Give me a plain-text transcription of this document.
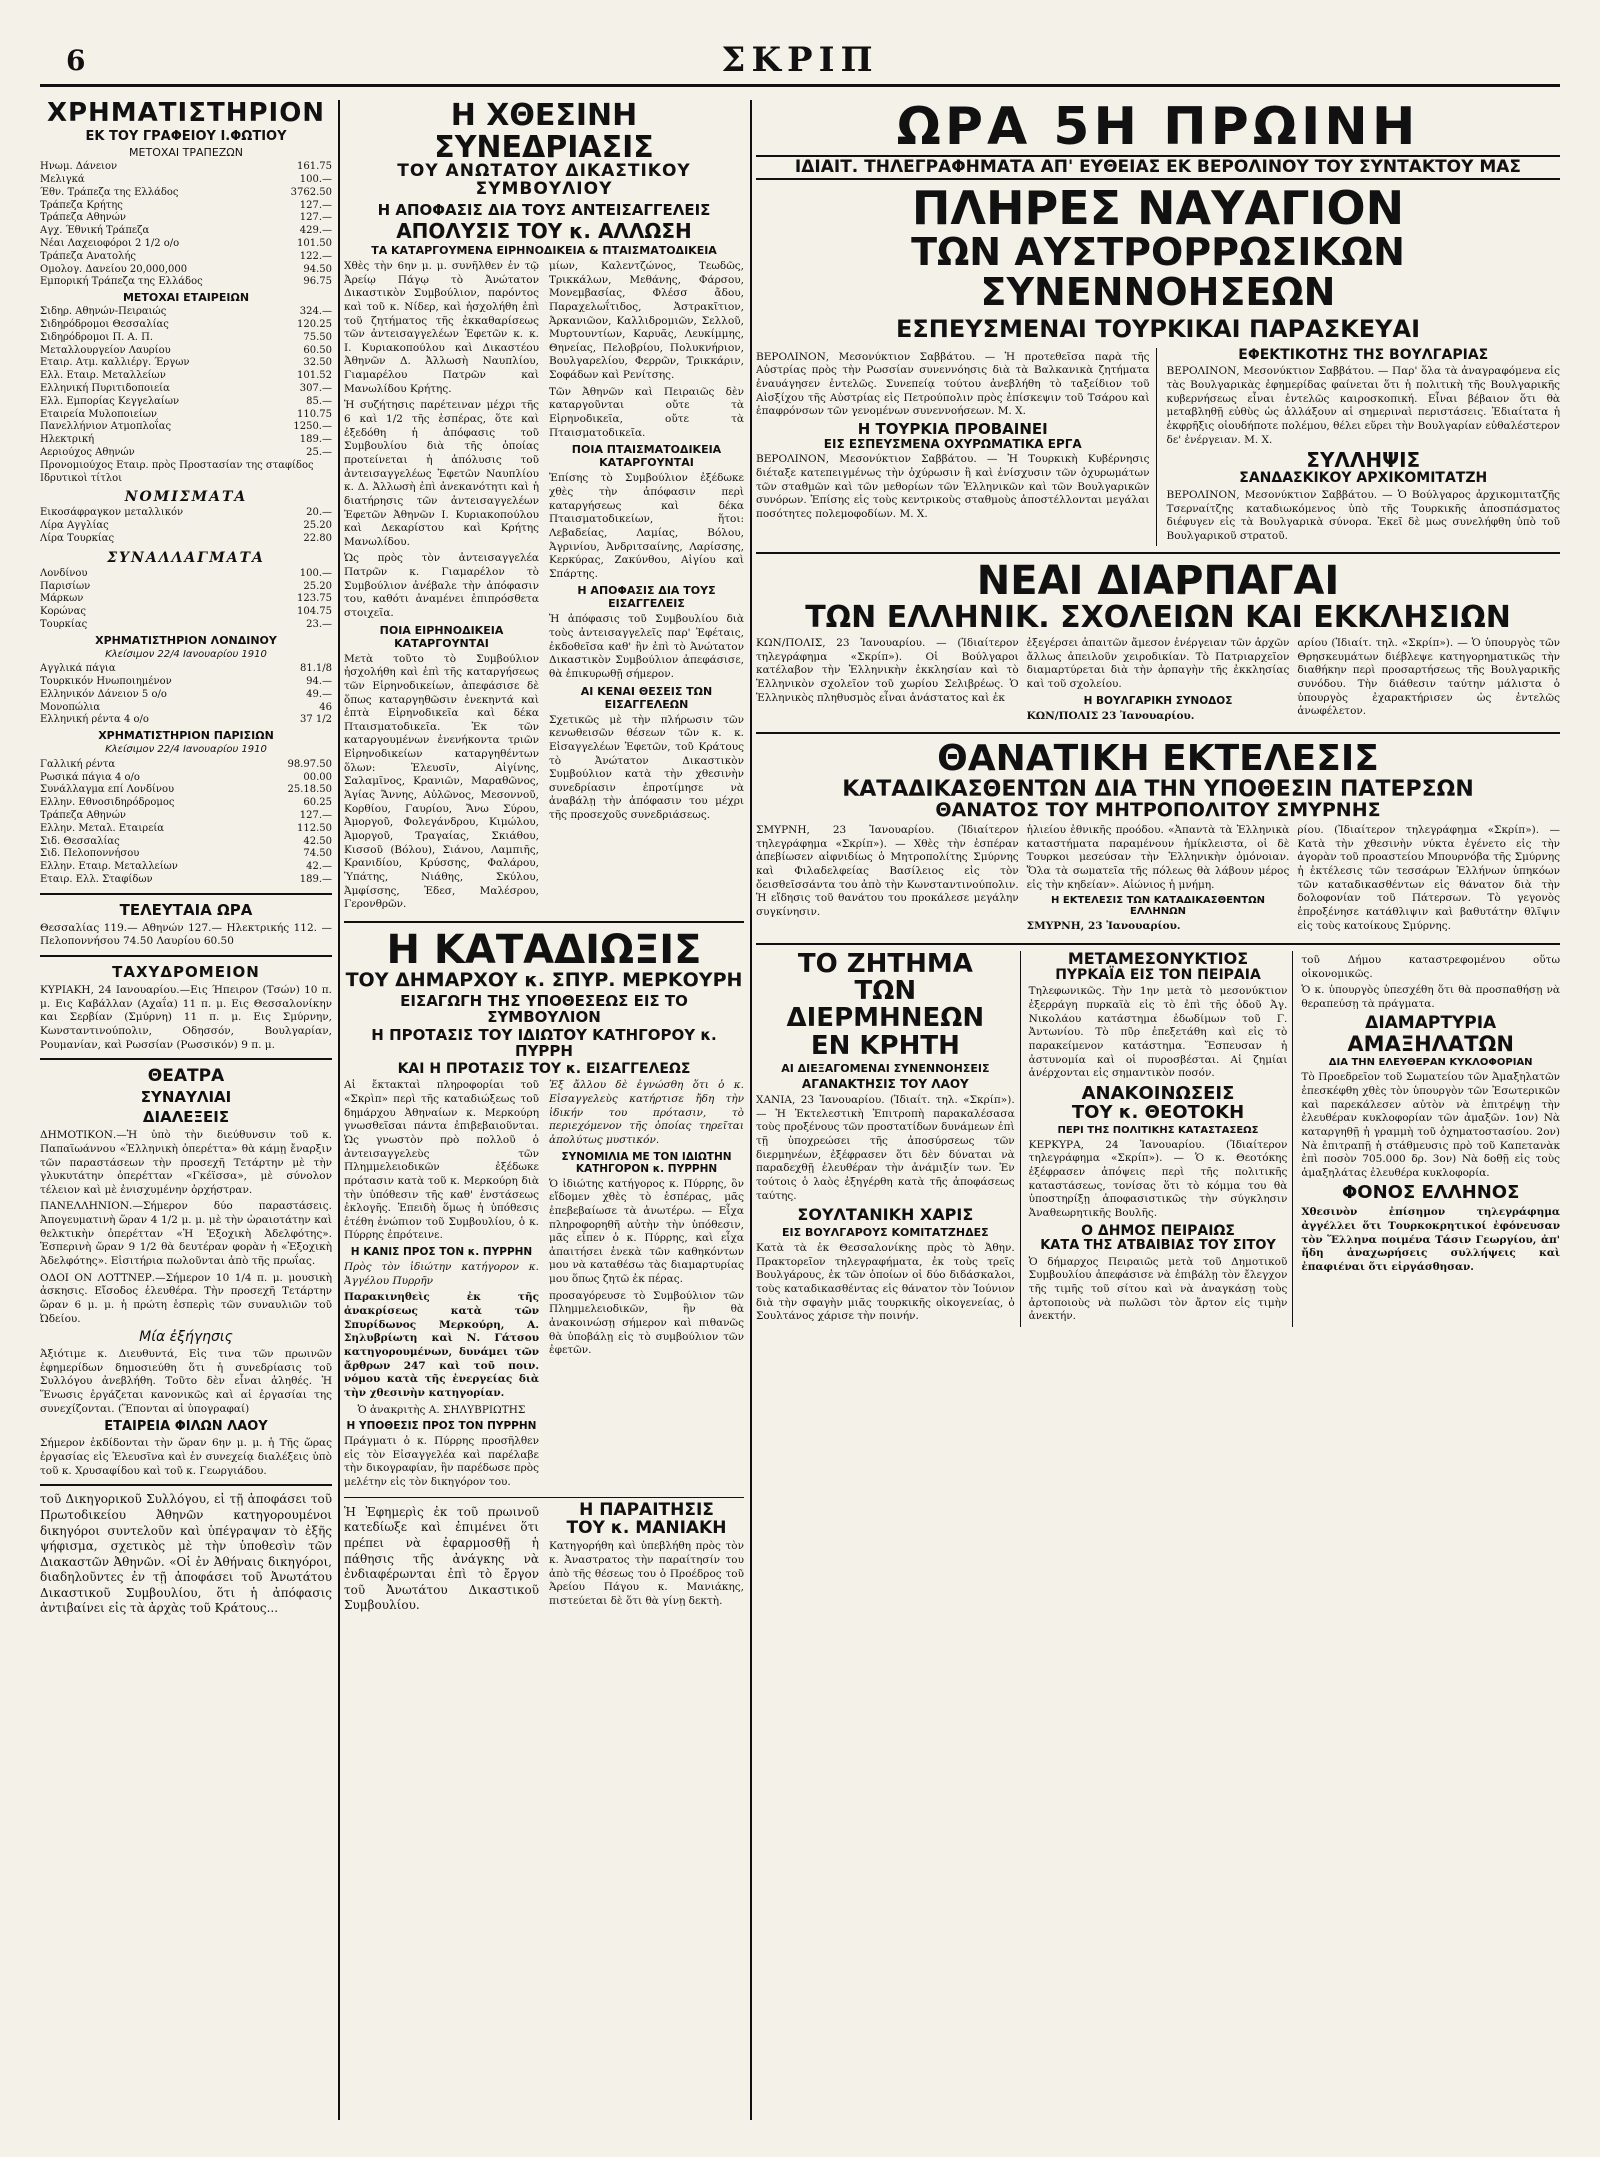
6	ΣΚΡΙΠ
ΧΡΗΜΑΤΙΣΤΗΡΙΟΝ
ΕΚ ΤΟΥ ΓΡΑΦΕΙΟΥ Ι.ΦΩΤΙΟΥ
ΜΕΤΟΧΑΙ ΤΡΑΠΕΖΩΝ
Ηνωμ. Δάνειον	161.75
Μελιγκά	100.—
Έθν. Τράπεζα της Ελλάδος	3762.50
Τράπεζα Κρήτης	127.—
Τράπεζα Αθηνών	127.—
Αγχ. Έθνική Τράπεζα	429.—
Νέαι Λαχειοφόροι 2 1/2 ο/ο	101.50
Τράπεζα Ανατολής	122.—
Ομολογ. Δανείου 20,000,000	94.50
Εμπορική Τράπεζα της Ελλάδος	96.75
ΜΕΤΟΧΑΙ ΕΤΑΙΡΕΙΩΝ
Σιδηρ. Αθηνών-Πειραιώς	324.—
Σιδηρόδρομοι Θεσσαλίας	120.25
Σιδηρόδρομοι Π. Α. Π.	75.50
Μεταλλουργείον Λαυρίου	60.50
Εταιρ. Ατμ. καλλιέργ. Έργων	32.50
Ελλ. Εταιρ. Μεταλλείων	101.52
Ελληνική Πυριτιδοποιεία	307.—
Ελλ. Εμπορίας Κεγγελαίων	85.—
Εταιρεία Μυλοποιείων	110.75
Πανελλήνιον Ατμοπλοΐας	1250.—
Ηλεκτρική	189.—
Αεριούχος Αθηνών	25.—
Προνομιούχος Εταιρ. πρὸς Προστασίαν της σταφίδος
Ιδρυτικοὶ τίτλοι
ΝΟΜΙΣΜΑΤΑ
Εικοσάφραγκον μεταλλικόν	20.—
Λίρα Αγγλίας	25.20
Λίρα Τουρκίας	22.80
ΣΥΝΑΛΛΑΓΜΑΤΑ
Λονδίνου	100.—
Παρισίων	25.20
Μάρκων	123.75
Κορώνας	104.75
Τουρκίας	23.—
ΧΡΗΜΑΤΙΣΤΗΡΙΟΝ ΛΟΝΔΙΝΟΥ
Κλείσιμον 22/4 Ιανουαρίου 1910
Αγγλικά πάγια	81.1/8
Τουρκικόν Ηνωποιημένον	94.—
Ελληνικόν Δάνειον 5 ο/ο	49.—
Μονοπώλια	46
Ελληνική ρέντα 4 ο/ο	37 1/2
ΧΡΗΜΑΤΙΣΤΗΡΙΟΝ ΠΑΡΙΣΙΩΝ
Κλείσιμον 22/4 Ιανουαρίου 1910
Γαλλική ρέντα	98.97.50
Ρωσικά πάγια 4 ο/ο	00.00
Συνάλλαγμα επί Λονδίνου	25.18.50
Ελλην. Εθνοσιδηρόδρομος	60.25
Τράπεζα Αθηνών	127.—
Ελλην. Μεταλ. Εταιρεία	112.50
Σιδ. Θεσσαλίας	42.50
Σιδ. Πελοποννήσου	74.50
Ελλην. Εταιρ. Μεταλλείων	42.—
Εταιρ. Ελλ. Σταφίδων	189.—
ΤΕΛΕΥΤΑΙΑ ΩΡΑ
Θεσσαλίας 119.— Αθηνών 127.— Ηλεκτρικής 112. —Πελοποννήσου 74.50 Λαυρίου 60.50
ΤΑΧΥΔΡΟΜΕΙΟΝ
ΚΥΡΙΑΚΗ, 24 Ιανουαρίου.—Εις Ήπειρον (Τσών) 10 π. μ. Εις Καβάλλαν (Αχαΐα) 11 π. μ. Εις Θεσσαλονίκην και Σερβίαν (Σμύρνη) 11 π. μ. Εις Σμύρνην, Κωνσταντινούπολιν, Οδησσόν, Βουλγαρίαν, Ρουμανίαν, καὶ Ρωσσίαν (Ρωσσικόν) 9 π. μ.
ΘΕΑΤΡΑ
ΣΥΝΑΥΛΙΑΙ
ΔΙΑΛΕΞΕΙΣ
ΔΗΜΟΤΙΚΟΝ.—Ἡ ὑπὸ τὴν διεύθυνσιν τοῦ κ. Παπαϊωάννου «Ἑλληνικὴ ὀπερέττα» θὰ κάμῃ ἔναρξιν τῶν παραστάσεων τὴν προσεχῆ Τετάρτην μὲ τὴν γλυκυτάτην ὀπερέτταν «Γκέϊσσα», μὲ σύνολον τέλειον καὶ μὲ ἐνισχυμένην ὀρχήστραν.
ΠΑΝΕΛΛΗΝΙΟΝ.—Σήμερον δύο παραστάσεις. Ἀπογευματινὴ ὥραν 4 1/2 μ. μ. μὲ τὴν ὡραιοτάτην καὶ θελκτικὴν ὀπερέτταν «Ἡ Ἐξοχικὴ Ἀδελφότης». Ἑσπερινὴ ὥραν 9 1/2 θὰ δευτέραν φορὰν ἡ «Ἐξοχικὴ Ἀδελφότης». Εἰσιτήρια πωλοῦνται ἀπὸ τῆς πρωΐας.
ΟΔΟΙ ΟΝ ΛΟΤΤΝΕΡ.—Σήμερον 10 1/4 π. μ. μουσικὴ ἀσκησις. Εἴσοδος ἐλευθέρα. Τὴν προσεχῆ Τετάρτην ὥραν 6 μ. μ. ἡ πρώτη ἑσπερὶς τῶν συναυλιῶν τοῦ Ὠδείου.
Μία ἐξήγησις
Ἀξιότιμε κ. Διευθυντά, Εἰς τινα τῶν πρωινῶν ἐφημερίδων δημοσιεύθη ὅτι ἡ συνεδρίασις τοῦ Συλλόγου ἀνεβλήθη. Τοῦτο δὲν εἶναι ἀληθές. Ἡ Ἕνωσις ἐργάζεται κανονικῶς καὶ αἱ ἐργασίαι της συνεχίζονται. (Ἕπονται αἱ ὑπογραφαί)
ΕΤΑΙΡΕΙΑ ΦΙΛΩΝ ΛΑΟΥ
Σήμερον ἐκδίδονται τὴν ὥραν 6ην μ. μ. ἡ Τῆς ὥρας ἐργασίας εἰς Ἐλευσῖνα καὶ ἐν συνεχείᾳ διαλέξεις ὑπὸ τοῦ κ. Χρυσαφίδου καὶ τοῦ κ. Γεωργιάδου.
τοῦ Δικηγορικοῦ Συλλόγου, εἰ τῇ ἀποφάσει τοῦ Πρωτοδικείου Ἀθηνῶν κατηγορουμένοι δικηγόροι συντελοῦν καὶ ὑπέγραψαν τὸ ἐξῆς ψήφισμα, σχετικὸς μὲ τὴν ὑποθεσὶν τῶν Διακαστῶν Ἀθηνῶν. «Οἱ ἐν Ἀθήναις δικηγόροι, διαδηλοῦντες ἐν τῇ ἀποφάσει τοῦ Ἀνωτάτου Δικαστικοῦ Συμβουλίου, ὅτι ἡ ἀπόφασις ἀντιβαίνει εἰς τὰ ἀρχὰς τοῦ Κράτους...
Η ΧΘΕΣΙΝΗ ΣΥΝΕΔΡΙΑΣΙΣ
ΤΟΥ ΑΝΩΤΑΤΟΥ ΔΙΚΑΣΤΙΚΟΥ ΣΥΜΒΟΥΛΙΟΥ
Η ΑΠΟΦΑΣΙΣ ΔΙΑ ΤΟΥΣ ΑΝΤΕΙΣΑΓΓΕΛΕΙΣ
ΑΠΟΛΥΣΙΣ ΤΟΥ κ. ΑΛΛΩΣΗ
ΤΑ ΚΑΤΑΡΓΟΥΜΕΝΑ ΕΙΡΗΝΟΔΙΚΕΙΑ & ΠΤΑΙΣΜΑΤΟΔΙΚΕΙΑ
Χθὲς τὴν 6ην μ. μ. συνῆλθεν ἐν τῷ Ἀρείῳ Πάγῳ τὸ Ἀνώτατον Δικαστικὸν Συμβούλιον, παρόντος καὶ τοῦ κ. Νίδερ, καὶ ἠσχολήθη ἐπὶ τοῦ ζητήματος τῆς ἐκκαθαρίσεως τῶν ἀντεισαγγελέων Ἐφετῶν κ. κ. Ι. Κυριακοπούλου καὶ Δικαστέου Ἀθηνῶν Δ. Ἀλλωσὴ Ναυπλίου, Γιαμαρέλου Πατρῶν καὶ Μανωλίδου Κρήτης.
Ἡ συζήτησις παρέτειναν μέχρι τῆς 6 καὶ 1/2 τῆς ἑσπέρας, ὅτε καὶ ἐξεδόθη ἡ ἀπόφασις τοῦ Συμβουλίου διὰ τῆς ὁποίας προτείνεται ἡ ἀπόλυσις τοῦ ἀντεισαγγελέως Ἐφετῶν Ναυπλίου κ. Δ. Ἀλλωσὴ ἐπὶ ἀνεκανότητι καὶ ἡ διατήρησις τῶν ἀντεισαγγελέων Ἐφετῶν Ἀθηνῶν Ι. Κυριακοπούλου καὶ Δεκαρίστου καὶ Κρήτης Μανωλίδου.
Ὡς πρὸς τὸν ἀντεισαγγελέα Πατρῶν κ. Γιαμαρέλον τὸ Συμβούλιον ἀνέβαλε τὴν ἀπόφασιν του, καθότι ἀναμένει ἐπιπρόσθετα στοιχεῖα.
ΠΟΙΑ ΕΙΡΗΝΟΔΙΚΕΙΑ ΚΑΤΑΡΓΟΥΝΤΑΙ
Μετὰ τοῦτο τὸ Συμβούλιον ἠσχολήθη καὶ ἐπὶ τῆς καταργήσεως τῶν Εἰρηνοδικείων, ἀπεφάσισε δὲ ὅπως καταργηθῶσιν ἐνεκηντά καὶ ἐπτὰ Εἰρηνοδικεῖα καὶ δέκα Πταισματοδικεῖα. Ἐκ τῶν καταργουμένων ἐνενήκοντα τριῶν Εἰρηνοδικείων καταργηθέντων ὅλων: Ἐλευσῖν, Αἰγίνης, Σαλαμῖνος, Κρανιῶν, Μαραθῶνος, Ἁγίας Ἄννης, Αὐλῶνος, Μεσοννοῦ, Κορθίου, Γαυρίου, Ἄνω Σύρου, Ἀμοργοῦ, Φολεγάνδρου, Κιμώλου, Ἀμοργοῦ, Τραγαίας, Σκιάθου, Κισσοῦ (Βόλου), Σιάνου, Λαμπιῆς, Κρανιδίου, Κρύσσης, Φαλάρου, Ὑπάτης, Νιάθης, Σκύλου, Ἀμφίσσης, Ἐδεσ, Μαλέσρου, Γερονθρῶν.
μίων, Καλεντζώνος, Τεωδῶς, Τρικκάλων, Μεθάνης, Φάρσου, Μονεμβασίας, Φλέσσ ἄδου, Παραχελωΐτιδος, Ἀστρακῖτιον, Ἀρκανιῶον, Καλλιδρομιῶν, Σελλοῦ, Μυρτουντίων, Καρυᾶς, Λευκίμμης, Θηνείας, Πελοβρίου, Πολυκνήριον, Βουλγαρελίου, Φερρῶν, Τρικκάριν, Σοφάδων καὶ Ρενίτσης.
Τῶν Ἀθηνῶν καὶ Πειραιῶς δὲν καταργοῦνται οὔτε τὰ Εἰρηνοδικεῖα, οὔτε τὰ Πταισματοδικεῖα.
ΠΟΙΑ ΠΤΑΙΣΜΑΤΟΔΙΚΕΙΑ ΚΑΤΑΡΓΟΥΝΤΑΙ
Ἐπίσης τὸ Συμβούλιον ἐξέδωκε χθὲς τὴν ἀπόφασιν περὶ καταργήσεως καὶ δέκα Πταισματοδικείων, ἥτοι: Λεβαδείας, Λαμίας, Βόλου, Ἀγρινίου, Ἀνδριτσαίνης, Λαρίσσης, Κερκύρας, Ζακύνθου, Αἰγίου καὶ Σπάρτης.
Η ΑΠΟΦΑΣΙΣ ΔΙΑ ΤΟΥΣ ΕΙΣΑΓΓΕΛΕΙΣ
Ἡ ἀπόφασις τοῦ Συμβουλίου διὰ τοὺς ἀντεισαγγελεῖς παρ' Ἐφέταις, ἐκδοθεῖσα καθ' ἣν ἐπὶ τὸ Ἀνώτατον Δικαστικὸν Συμβούλιον ἀπεφάσισε, θὰ ἐπικυρωθῇ σήμερον.
ΑΙ ΚΕΝΑΙ ΘΕΣΕΙΣ ΤΩΝ ΕΙΣΑΓΓΕΛΕΩΝ
Σχετικῶς μὲ τὴν πλήρωσιν τῶν κενωθεισῶν θέσεων τῶν κ. κ. Εἰσαγγελέων Ἐφετῶν, τοῦ Κράτους τὸ Ἀνώτατον Δικαστικὸν Συμβούλιον κατὰ τὴν χθεσινὴν συνεδρίασιν ἐπροτίμησε νὰ ἀναβάλῃ τὴν ἀπόφασιν του μέχρι τῆς προσεχοῦς συνεδριάσεως.
Η ΚΑΤΑΔΙΩΞΙΣ
ΤΟΥ ΔΗΜΑΡΧΟΥ κ. ΣΠΥΡ. ΜΕΡΚΟΥΡΗ
ΕΙΣΑΓΩΓΗ ΤΗΣ ΥΠΟΘΕΣΕΩΣ ΕΙΣ ΤΟ ΣΥΜΒΟΥΛΙΟΝ
Η ΠΡΟΤΑΣΙΣ ΤΟΥ ΙΔΙΩΤΟΥ ΚΑΤΗΓΟΡΟΥ κ. ΠΥΡΡΗ
ΚΑΙ Η ΠΡΟΤΑΣΙΣ ΤΟΥ κ. ΕΙΣΑΓΓΕΛΕΩΣ
Αἱ ἔκτακταὶ πληροφορίαι τοῦ «Σκρὶπ» περὶ τῆς καταδιώξεως τοῦ δημάρχου Ἀθηναίων κ. Μερκούρη γνωσθεῖσαι πάντα ἐπιβεβαιοῦνται. Ὡς γνωστὸν πρὸ πολλοῦ ὁ ἀντεισαγγελεὺς τῶν Πλημμελειοδικῶν ἐξέδωκε πρότασιν κατὰ τοῦ κ. Μερκούρη διὰ τὴν ὑπόθεσιν τῆς καθ' ἐνστάσεως ἐκλογῆς. Ἐπειδὴ ὅμως ἡ ὑπόθεσις ἐτέθη ἐνώπιον τοῦ Συμβουλίου, ὁ κ. Πύρρης ἐπρότεινε.
Η ΚΑΝΙΣ ΠΡΟΣ ΤΟΝ κ. ΠΥΡΡΗΝ
Πρὸς τὸν ἰδιώτην κατήγορον κ. Ἀγγέλου Πυρρῆν
Παρακινηθεὶς ἐκ τῆς ἀνακρίσεως κατὰ τῶν Σπυρίδωνος Μερκούρη, Α. Σηλυβρίωτη καὶ Ν. Γάτσου κατηγορουμένων, δυνάμει τῶν ἄρθρων 247 καὶ τοῦ ποιν. νόμου κατὰ τῆς ἐνεργείας διὰ τὴν χθεσινὴν κατηγορίαν.
Ὁ ἀνακριτὴς Α. ΣΗΛΥΒΡΙΩΤΗΣ
Η ΥΠΟΘΕΣΙΣ ΠΡΟΣ ΤΟΝ ΠΥΡΡΗΝ
Πράγματι ὁ κ. Πύρρης προσῆλθεν εἰς τὸν Εἰσαγγελέα καὶ παρέλαβε τὴν δικογραφίαν, ἣν παρέδωσε πρὸς μελέτην εἰς τὸν δικηγόρον του.
Ἐξ ἄλλου δὲ ἐγνώσθη ὅτι ὁ κ. Εἰσαγγελεὺς κατήρτισε ἤδη τὴν ἰδικήν του πρότασιν, τὸ περιεχόμενον τῆς ὁποίας τηρεῖται ἀπολύτως μυστικόν.
ΣΥΝΟΜΙΛΙΑ ΜΕ ΤΟΝ ΙΔΙΩΤΗΝ ΚΑΤΗΓΟΡΟΝ κ. ΠΥΡΡΗΝ
Ὁ ἰδιώτης κατήγορος κ. Πύρρης, ὃν εἴδομεν χθὲς τὸ ἑσπέρας, μᾶς ἐπεβεβαίωσε τὰ ἀνωτέρω. — Εἶχα πληροφορηθῆ αὐτὴν τὴν ὑπόθεσιν, μᾶς εἶπεν ὁ κ. Πύρρης, καὶ εἶχα ἀπαιτήσει ἐνεκὰ τῶν καθηκόντων μου νὰ καταθέσω τὰς διαμαρτυρίας μου ὅπως ζητῶ ἐκ πέρας.
προσαγόρευσε τὸ Συμβούλιον τῶν Πλημμελειοδικῶν, ἣν θὰ ἀνακοινώσῃ σήμερον καὶ πιθανῶς θὰ ὑποβάλῃ εἰς τὸ συμβούλιον τῶν ἐφετῶν.
Ἡ Ἐφημερὶς ἐκ τοῦ πρωινοῦ κατεδίωξε καὶ ἐπιμένει ὅτι πρέπει νὰ ἐφαρμοσθῇ ἡ πάθησις τῆς ἀνάγκης νὰ ἐνδιαφέρωνται ἐπὶ τὸ ἔργον τοῦ Ἀνωτάτου Δικαστικοῦ Συμβουλίου.
Η ΠΑΡΑΙΤΗΣΙΣ
ΤΟΥ κ. ΜΑΝΙΑΚΗ
Κατηγορήθη καὶ ὑπεβλήθη πρὸς τὸν κ. Ἀναστρατος τὴν παραίτησίν του ἀπὸ τῆς θέσεως του ὁ Προέδρος τοῦ Ἀρείου Πάγου κ. Μανιάκης, πιστεύεται δὲ ὅτι θὰ γίνῃ δεκτὴ.
ΩΡΑ 5Η ΠΡΩΙΝΗ
ΙΔΙΑΙΤ. ΤΗΛΕΓΡΑΦΗΜΑΤΑ ΑΠ' ΕΥΘΕΙΑΣ ΕΚ ΒΕΡΟΛΙΝΟΥ ΤΟΥ ΣΥΝΤΑΚΤΟΥ ΜΑΣ
ΠΛΗΡΕΣ ΝΑΥΑΓΙΟΝ
ΤΩΝ ΑΥΣΤΡΟΡΡΩΣΙΚΩΝ ΣΥΝΕΝΝΟΗΣΕΩΝ
ΕΣΠΕΥΣΜΕΝΑΙ ΤΟΥΡΚΙΚΑΙ ΠΑΡΑΣΚΕΥΑΙ
ΒΕΡΟΛΙΝΟΝ, Μεσονύκτιον Σαββάτου. — Ἡ προτεθεῖσα παρὰ τῆς Αὐστρίας πρὸς τὴν Ρωσσίαν συνεννόησις διὰ τὰ Βαλκανικὰ ζητήματα ἐναυάγησεν ἐντελῶς. Συνεπείᾳ τούτου ἀνεβλήθη τὸ ταξείδιον τοῦ Αἰσξίχου τῆς Αὐστρίας εἰς Πετρούπολιν πρὸς ἐπίσκεψιν τοῦ Τσάρου καὶ ἐπαφρόνσων τῶν γενομένων συνεννοήσεων. Μ. Χ.
Η ΤΟΥΡΚΙΑ ΠΡΟΒΑΙΝΕΙ
ΕΙΣ ΕΣΠΕΥΣΜΕΝΑ ΟΧΥΡΩΜΑΤΙΚΑ ΕΡΓΑ
ΒΕΡΟΛΙΝΟΝ, Μεσονύκτιον Σαββάτου. — Ἡ Τουρκικὴ Κυβέρνησις διέταξε κατεπειγμένως τὴν ὀχύρωσιν ἢ καὶ ἐνίσχυσιν τῶν ὀχυρωμάτων τῶν σταθμῶν καὶ τῶν μεθορίων τῶν Ἑλληνικῶν καὶ τῶν Βουλγαρικῶν συνόρων. Ἐπίσης εἰς τοὺς κεντρικοὺς σταθμοὺς ἀποστέλλονται μεγάλαι ποσότητες πολεμοφοδίων. Μ. Χ.
ΕΦΕΚΤΙΚΟΤΗΣ ΤΗΣ ΒΟΥΛΓΑΡΙΑΣ
ΒΕΡΟΛΙΝΟΝ, Μεσονύκτιον Σαββάτου. — Παρ' ὅλα τὰ ἀναγραφόμενα εἰς τὰς Βουλγαρικὰς ἐφημερίδας φαίνεται ὅτι ἡ πολιτικὴ τῆς Βουλγαρικῆς κυβερνήσεως εἶναι ἐντελῶς καιροσκοπική. Εἶναι βέβαιον ὅτι θὰ μεταβληθῇ εὐθὺς ὡς ἀλλάξουν αἱ σημεριναὶ περιστάσεις. Ἐδιαίτατα ἡ ἐκφρῆξις οἱουδήποτε πολέμου, θέλει εὕρει τὴν Βουλγαρίαν εὐθαλέστερον δε' ἐνέργειαν. Μ. Χ.
ΣΥΛΛΗΨΙΣ
ΣΑΝΔΑΣΚΙΚΟΥ ΑΡΧΙΚΟΜΙΤΑΤΖΗ
ΒΕΡΟΛΙΝΟΝ, Μεσονύκτιον Σαββάτου. — Ὁ Βούλγαρος ἀρχικομιτατζῆς Τσερναίτζης καταδιωκόμενος ὑπὸ τῆς Τουρκικῆς ἀποσπάσματος διέφυγεν εἰς τὰ Βουλγαρικὰ σύνορα. Ἐκεῖ δὲ μως συνελήφθη ὑπὸ τοῦ Βουλγαρικοῦ στρατοῦ.
ΝΕΑΙ ΔΙΑΡΠΑΓΑΙ
ΤΩΝ ΕΛΛΗΝΙΚ. ΣΧΟΛΕΙΩΝ ΚΑΙ ΕΚΚΛΗΣΙΩΝ
ΚΩΝ/ΠΟΛΙΣ, 23 Ἰανουαρίου. — (Ἰδιαίτερον τηλεγράφημα «Σκρίπ»). Οἱ Βούλγαροι κατέλαβον τὴν Ἑλληνικὴν ἐκκλησίαν καὶ τὸ Ἑλληνικὸν σχολεῖον τοῦ χωρίου Σελιβρέως. Ὁ Ἑλληνικὸς πληθυσμὸς εἶναι ἀνάστατος καὶ ἐκ
ἐξεγέρσει ἀπαιτῶν ἄμεσον ἐνέργειαν τῶν ἀρχῶν ἄλλως ἀπειλοῦν χειροδικίαν. Τὸ Πατριαρχεῖον διαμαρτύρεται διὰ τὴν ἁρπαγὴν τῆς ἐκκλησίας καὶ τοῦ σχολείου.
Η ΒΟΥΛΓΑΡΙΚΗ ΣΥΝΟΔΟΣ
ΚΩΝ/ΠΟΛΙΣ 23 Ἰανουαρίου.
αρίου (Ἰδιαίτ. τηλ. «Σκρίπ»). — Ὁ ὑπουργὸς τῶν Θρησκευμάτων διέβλεψε κατηγορηματικῶς τὴν διαθήκην περὶ προσαρτήσεως τῆς Βουλγαρικῆς συνόδου. Τὴν διάθεσιν ταύτην μάλιστα ὁ ὑπουργὸς ἐχαρακτήρισεν ὡς ἐντελῶς ἀνωφέλετον.
ΘΑΝΑΤΙΚΗ ΕΚΤΕΛΕΣΙΣ
ΚΑΤΑΔΙΚΑΣΘΕΝΤΩΝ ΔΙΑ ΤΗΝ ΥΠΟΘΕΣΙΝ ΠΑΤΕΡΣΩΝ
ΘΑΝΑΤΟΣ ΤΟΥ ΜΗΤΡΟΠΟΛΙΤΟΥ ΣΜΥΡΝΗΣ
ΣΜΥΡΝΗ, 23 Ἰανουαρίου. (Ἰδιαίτερον τηλεγράφημα «Σκρίπ»). — Χθὲς τὴν ἑσπέραν ἀπεβίωσεν αἰφνιδίως ὁ Μητροπολίτης Σμύρνης καὶ Φιλαδελφείας Βασίλειος εἰς τὸν ὄεισθεῖσσάντα του ἀπὸ τὴν Κωνσταντινούπολιν. Ἡ εἴδησις τοῦ θανάτου του προκάλεσε μεγάλην συγκίνησιν.
ἡλιείου ἐθνικῆς προόδου. «Ἀπαντὰ τὰ Ἑλληνικὰ καταστήματα παραμένουν ἠμίκλειστα, οἱ δὲ Τουρκοι μεσεύσαν τὴν Ἑλληνικὴν ὁμόνοιαν. Ὅλα τὰ σωματεῖα τῆς πόλεως θὰ λάβουν μέρος εἰς τὴν κηδείαν». Αἰώνιος ἡ μνήμη.
Η ΕΚΤΕΛΕΣΙΣ ΤΩΝ ΚΑΤΑΔΙΚΑΣΘΕΝΤΩΝ ΕΛΛΗΝΩΝ
ΣΜΥΡΝΗ, 23 Ἰανουαρίου.
ρίου. (Ἰδιαίτερον τηλεγράφημα «Σκρίπ»). — Κατὰ τὴν χθεσινὴν νύκτα ἐγένετο εἰς τὴν ἀγορὰν τοῦ προαστείου Μπουρνόβα τῆς Σμύρνης ἡ ἐκτέλεσις τῶν τεσσάρων Ἑλλήνων ὑπηκόων τῶν καταδικασθέντων εἰς θάνατον διὰ τὴν δολοφονίαν τοῦ Πάτερσων. Τὸ γεγονὸς ἐπροξένησε κατάθλιψιν καὶ βαθυτάτην θλῖψιν εἰς τοὺς κατοίκους Σμύρνης.
ΤΟ ΖΗΤΗΜΑ
ΤΩΝ ΔΙΕΡΜΗΝΕΩΝ
ΕΝ ΚΡΗΤΗ
ΑΙ ΔΙΕΞΑΓΟΜΕΝΑΙ ΣΥΝΕΝΝΟΗΣΕΙΣ
ΑΓΑΝΑΚΤΗΣΙΣ ΤΟΥ ΛΑΟΥ
ΧΑΝΙΑ, 23 Ἰανουαρίου. (Ἰδιαίτ. τηλ. «Σκρίπ»). — Ἡ Ἐκτελεστικὴ Ἐπιτροπὴ παρακαλέσασα τοὺς προξένους τῶν προστατίδων δυνάμεων ἐπὶ τῇ ὑποχρεώσει τῆς ἀποσύρσεως τῶν διερμηνέων, ἐξέφρασεν ὅτι δὲν δύναται νὰ παραδεχθῇ ἐλευθέραν τὴν ἀνάμιξίν των. Ἐν τούτοις ὁ λαὸς ἐξηγέρθη κατὰ τῆς ἀποφάσεως ταύτης.
ΣΟΥΛΤΑΝΙΚΗ ΧΑΡΙΣ
ΕΙΣ ΒΟΥΛΓΑΡΟΥΣ ΚΟΜΙΤΑΤΖΗΔΕΣ
Κατὰ τὰ ἐκ Θεσσαλονίκης πρὸς τὸ Ἀθην. Πρακτορεῖον τηλεγραφήματα, ἐκ τοὺς τρεῖς Βουλγάρους, ἐκ τῶν ὁποίων οἱ δύο διδάσκαλοι, τοὺς καταδικασθέντας εἰς θάνατον τὸν Ἰούνιον διὰ τὴν σφαγὴν μιᾶς τουρκικῆς οἰκογενείας, ὁ Σουλτάνος χάρισε τὴν ποινήν.
ΜΕΤΑΜΕΣΟΝΥΚΤΙΟΣ
ΠΥΡΚΑΪΑ ΕΙΣ ΤΟΝ ΠΕΙΡΑΙΑ
Τηλεφωνικῶς. Τὴν 1ην μετὰ τὸ μεσονύκτιον ἐξερράγη πυρκαϊὰ εἰς τὸ ἐπὶ τῆς ὁδοῦ Ἀγ. Νικολάου κατάστημα ἐδωδίμων τοῦ Γ. Ἀντωνίου. Τὸ πῦρ ἐπεξετάθη καὶ εἰς τὸ παρακείμενον κατάστημα. Ἔσπευσαν ἡ ἀστυνομία καὶ οἱ πυροσβέσται. Αἱ ζημίαι ἀνέρχονται εἰς σημαντικὸν ποσόν.
ΑΝΑΚΟΙΝΩΣΕΙΣ
ΤΟΥ κ. ΘΕΟΤΟΚΗ
ΠΕΡΙ ΤΗΣ ΠΟΛΙΤΙΚΗΣ ΚΑΤΑΣΤΑΣΕΩΣ
ΚΕΡΚΥΡΑ, 24 Ἰανουαρίου. (Ἰδιαίτερον τηλεγράφημα «Σκρίπ»). — Ὁ κ. Θεοτόκης ἐξέφρασεν ἀπόψεις περὶ τῆς πολιτικῆς καταστάσεως, τονίσας ὅτι τὸ κόμμα του θὰ ὑποστηρίξῃ ἀποφασιστικῶς τὴν σύγκλησιν Ἀναθεωρητικῆς Βουλῆς.
Ο ΔΗΜΟΣ ΠΕΙΡΑΙΩΣ
ΚΑΤΑ ΤΗΣ ΑΤΒΑΙΒΙΑΣ ΤΟΥ ΣΙΤΟΥ
Ὁ δήμαρχος Πειραιῶς μετὰ τοῦ Δημοτικοῦ Συμβουλίου ἀπεφάσισε νὰ ἐπιβάλῃ τὸν ἔλεγχον τῆς τιμῆς τοῦ σίτου καὶ νὰ ἀναγκάσῃ τοὺς ἀρτοποιοὺς νὰ πωλῶσι τὸν ἄρτον εἰς τιμὴν ἀνεκτήν.
τοῦ Δήμου καταστρεφομένου οὕτω οἰκονομικῶς.
Ὁ κ. ὑπουργὸς ὑπεσχέθη ὅτι θὰ προσπαθήσῃ νὰ θεραπεύσῃ τὰ πράγματα.
ΔΙΑΜΑΡΤΥΡΙΑ
ΑΜΑΞΗΛΑΤΩΝ
ΔΙΑ ΤΗΝ ΕΛΕΥΘΕΡΑΝ ΚΥΚΛΟΦΟΡΙΑΝ
Τὸ Προεδρεῖον τοῦ Σωματείου τῶν Ἀμαξηλατῶν ἐπεσκέφθη χθὲς τὸν ὑπουργὸν τῶν Ἐσωτερικῶν καὶ παρεκάλεσεν αὐτὸν νὰ ἐπιτρέψῃ τὴν ἐλευθέραν κυκλοφορίαν τῶν ἁμαξῶν. 1ον) Νὰ καταργηθῇ ἡ γραμμὴ τοῦ ὀχηματοστασίου. 2ον) Νὰ ἐπιτραπῇ ἡ στάθμευσις πρὸ τοῦ Καπετανὰκ ἐπὶ ποσὸν 705.000 δρ. 3ον) Νὰ δοθῇ εἰς τοὺς ἀμαξηλάτας ἐλευθέρα κυκλοφορία.
ΦΟΝΟΣ ΕΛΛΗΝΟΣ
Χθεσινὸν ἐπίσημον τηλεγράφημα ἀγγέλλει ὅτι Τουρκοκρητικοί ἐφόνευσαν τὸν Ἕλληνα ποιμένα Τάσιν Γεωργίου, ἀπ' ἤδη ἀναχωρήσεις συλλήψεις καὶ ἐπαφιέναι ὅτι εἰργάσθησαν.
